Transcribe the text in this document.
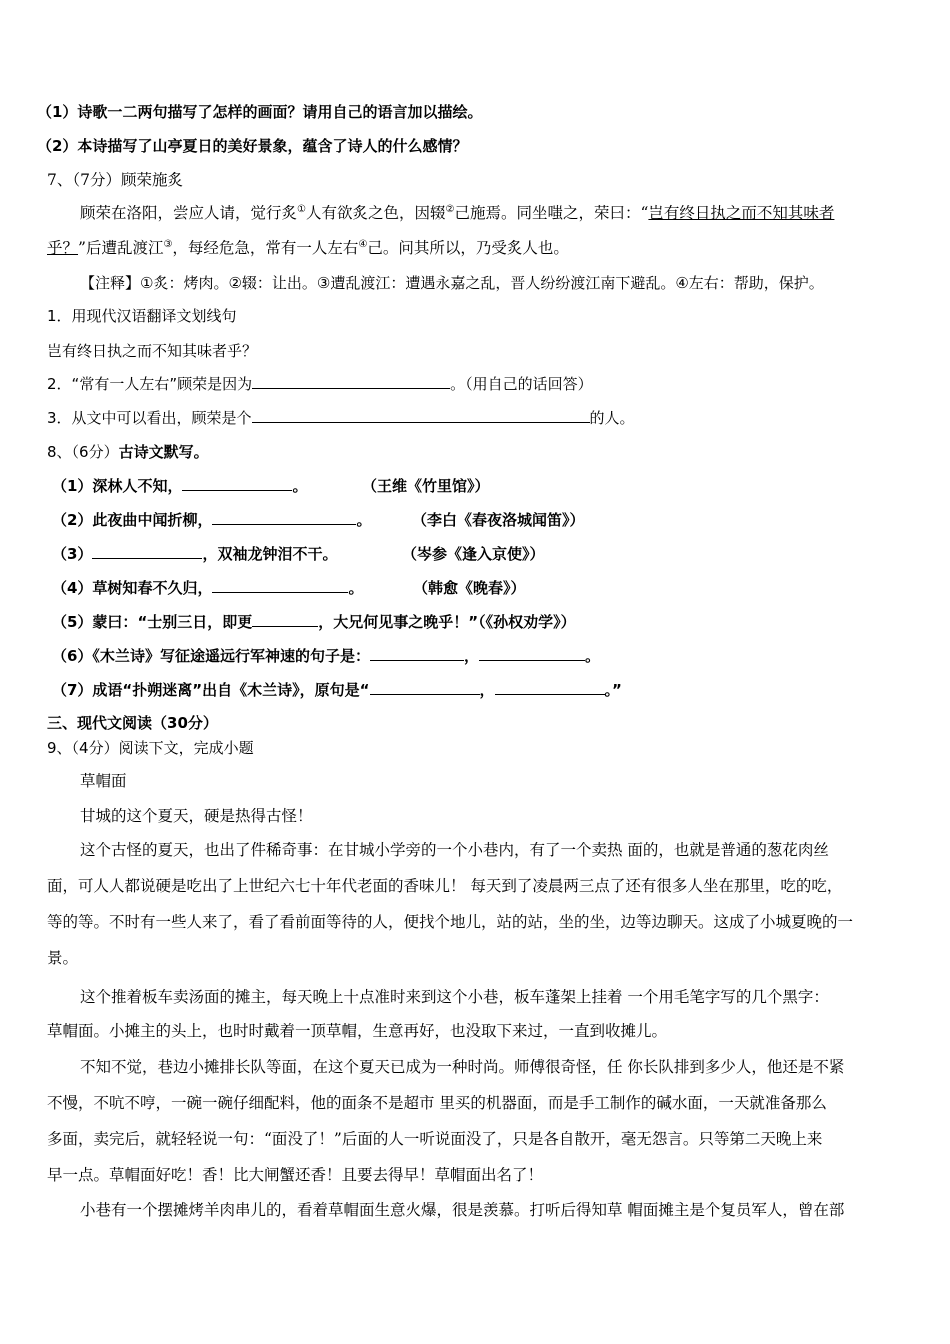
（1）诗歌一二两句描写了怎样的画面？请用自己的语言加以描绘。
（2）本诗描写了山亭夏日的美好景象，蕴含了诗人的什么感情？
7、（7分）顾荣施炙
顾荣在洛阳，尝应人请，觉行炙①人有欲炙之色，因辍②己施焉。同坐嗤之，荣曰：“岂有终日执之而不知其味者
乎？”后遭乱渡江③，每经危急，常有一人左右④己。问其所以，乃受炙人也。
【注释】①炙：烤肉。②辍：让出。③遭乱渡江：遭遇永嘉之乱，晋人纷纷渡江南下避乱。④左右：帮助，保护。
1．用现代汉语翻译文划线句
岂有终日执之而不知其味者乎？
2．“常有一人左右”顾荣是因为	。（用自己的话回答）
3．从文中可以看出，顾荣是个	的人。
8、（6分）古诗文默写。
（1）深林人不知，	。	（王维《竹里馆》）
（2）此夜曲中闻折柳，	。	（李白《春夜洛城闻笛》）
（3）	，双袖龙钟泪不干。	（岑参《逢入京使》）
（4）草树知春不久归，	。	（韩愈《晚春》）
（5）蒙曰：“士别三日，即更	，大兄何见事之晚乎！”（《孙权劝学》）
（6）《木兰诗》写征途遥远行军神速的句子是：	，	。
（7）成语“扑朔迷离”出自《木兰诗》，原句是“	，	。”
三、现代文阅读（30分）
9、（4分）阅读下文，完成小题
草帽面
甘城的这个夏天，硬是热得古怪！
这个古怪的夏天，也出了件稀奇事：在甘城小学旁的一个小巷内，有了一个卖热 面的，也就是普通的葱花肉丝
面，可人人都说硬是吃出了上世纪六七十年代老面的香味儿！ 每天到了凌晨两三点了还有很多人坐在那里，吃的吃，
等的等。不时有一些人来了，看了看前面等待的人，便找个地儿，站的站，坐的坐，边等边聊天。这成了小城夏晚的一
景。
这个推着板车卖汤面的摊主，每天晚上十点准时来到这个小巷，板车蓬架上挂着 一个用毛笔字写的几个黑字：
草帽面。小摊主的头上，也时时戴着一顶草帽，生意再好，也没取下来过，一直到收摊儿。
不知不觉，巷边小摊排长队等面，在这个夏天已成为一种时尚。师傅很奇怪，任 你长队排到多少人，他还是不紧
不慢，不吭不哼，一碗一碗仔细配料，他的面条不是超市 里买的机器面，而是手工制作的碱水面，一天就准备那么
多面，卖完后，就轻轻说一句：“面没了！”后面的人一听说面没了，只是各自散开，毫无怨言。只等第二天晚上来
早一点。草帽面好吃！香！比大闸蟹还香！且要去得早！草帽面出名了！
小巷有一个摆摊烤羊肉串儿的，看着草帽面生意火爆，很是羡慕。打听后得知草 帽面摊主是个复员军人，曾在部
